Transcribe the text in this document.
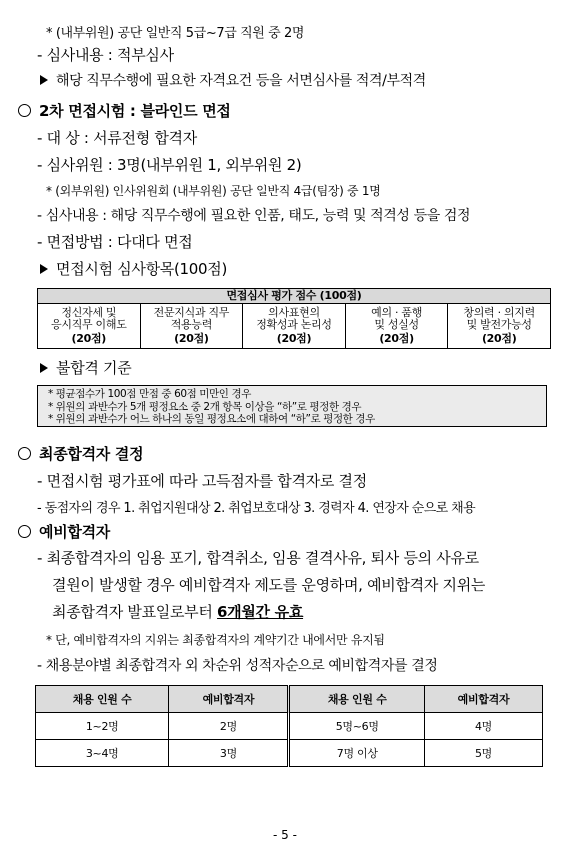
* (내부위원) 공단 일반직 5급~7급 직원 중 2명
- 심사내용 : 적부심사
해당 직무수행에 필요한 자격요건 등을 서면심사를 적격/부적격
2차 면접시험 : 블라인드 면접
- 대 상 : 서류전형 합격자
- 심사위원 : 3명(내부위원 1, 외부위원 2)
* (외부위원) 인사위원회 (내부위원) 공단 일반직 4급(팀장) 중 1명
- 심사내용 : 해당 직무수행에 필요한 인품, 태도, 능력 및 적격성 등을 검정
- 면접방법 : 다대다 면접
면접시험 심사항목(100점)
면접심사 평가 점수 (100점)
정신자세 및
응시직무 이해도
(20점)
	전문지식과 직무
적용능력
(20점)
	의사표현의
정확성과 논리성
(20점)
	예의 · 품행
및 성실성
(20점)
	창의력 · 의지력
및 발전가능성
(20점)
불합격 기준
* 평균점수가 100점 만점 중 60점 미만인 경우
* 위원의 과반수가 5개 평정요소 중 2개 항목 이상을 “하”로 평정한 경우
* 위원의 과반수가 어느 하나의 동일 평정요소에 대하여 “하”로 평정한 경우
최종합격자 결정
- 면접시험 평가표에 따라 고득점자를 합격자로 결정
- 동점자의 경우 1. 취업지원대상 2. 취업보호대상 3. 경력자 4. 연장자 순으로 채용
예비합격자
- 최종합격자의 임용 포기, 합격취소, 임용 결격사유, 퇴사 등의 사유로
결원이 발생할 경우 예비합격자 제도를 운영하며, 예비합격자 지위는
최종합격자 발표일로부터 6개월간 유효
* 단, 예비합격자의 지위는 최종합격자의 계약기간 내에서만 유지됨
- 채용분야별 최종합격자 외 차순위 성적자순으로 예비합격자를 결정
채용 인원 수	예비합격자	채용 인원 수	예비합격자
1~2명	2명	5명~6명	4명
3~4명	3명	7명 이상	5명
- 5 -
